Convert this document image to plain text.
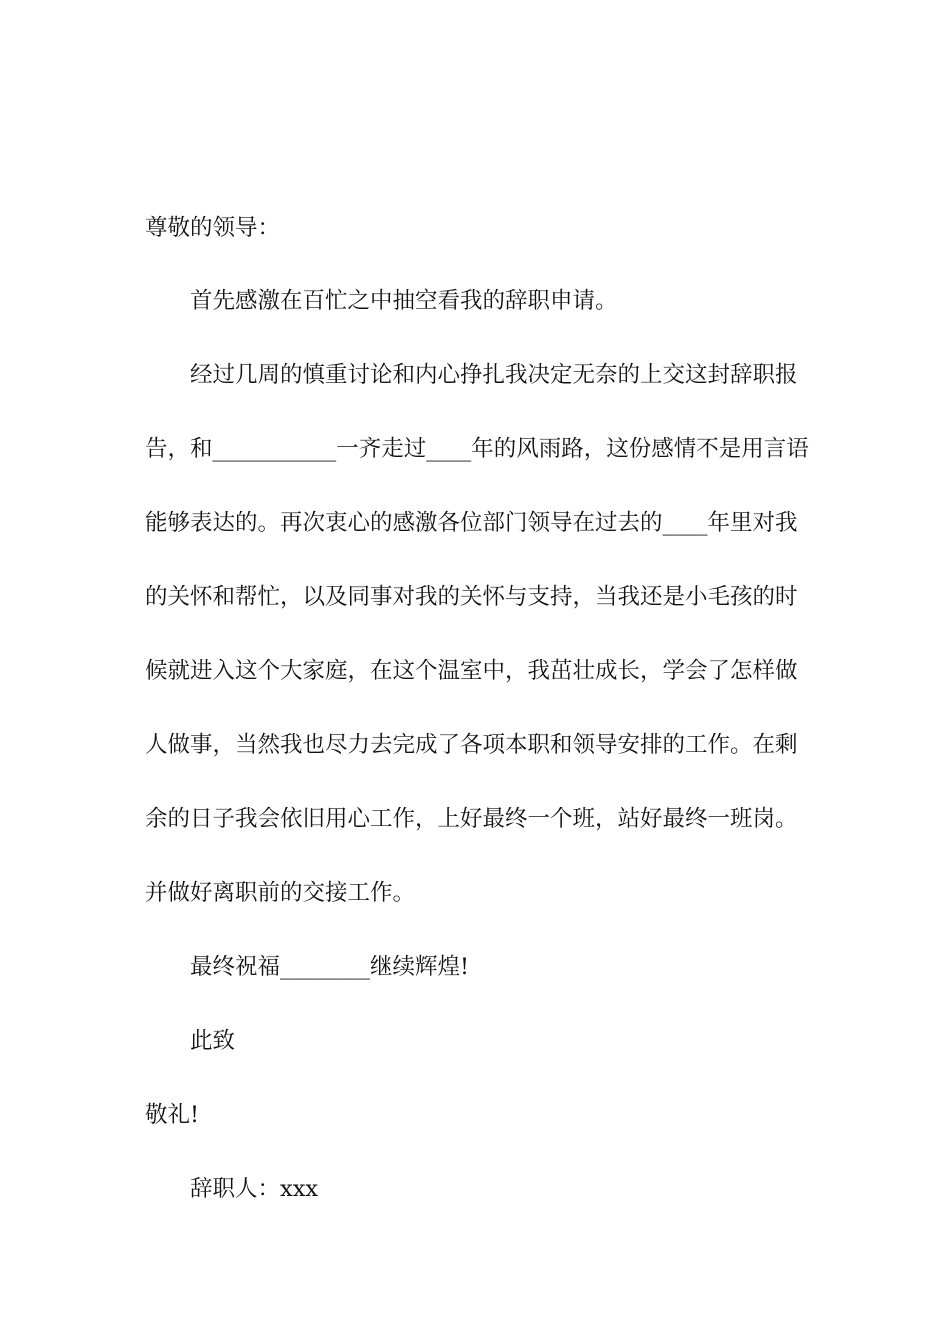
尊敬的领导：
首先感激在百忙之中抽空看我的辞职申请。
经过几周的慎重讨论和内心挣扎我决定无奈的上交这封辞职报
告，和___________一齐走过____年的风雨路，这份感情不是用言语
能够表达的。再次衷心的感激各位部门领导在过去的____年里对我
的关怀和帮忙，以及同事对我的关怀与支持，当我还是小毛孩的时
候就进入这个大家庭，在这个温室中，我茁壮成长，学会了怎样做
人做事，当然我也尽力去完成了各项本职和领导安排的工作。在剩
余的日子我会依旧用心工作，上好最终一个班，站好最终一班岗。
并做好离职前的交接工作。
最终祝福________继续辉煌!
此致
敬礼!
辞职人：xxx
